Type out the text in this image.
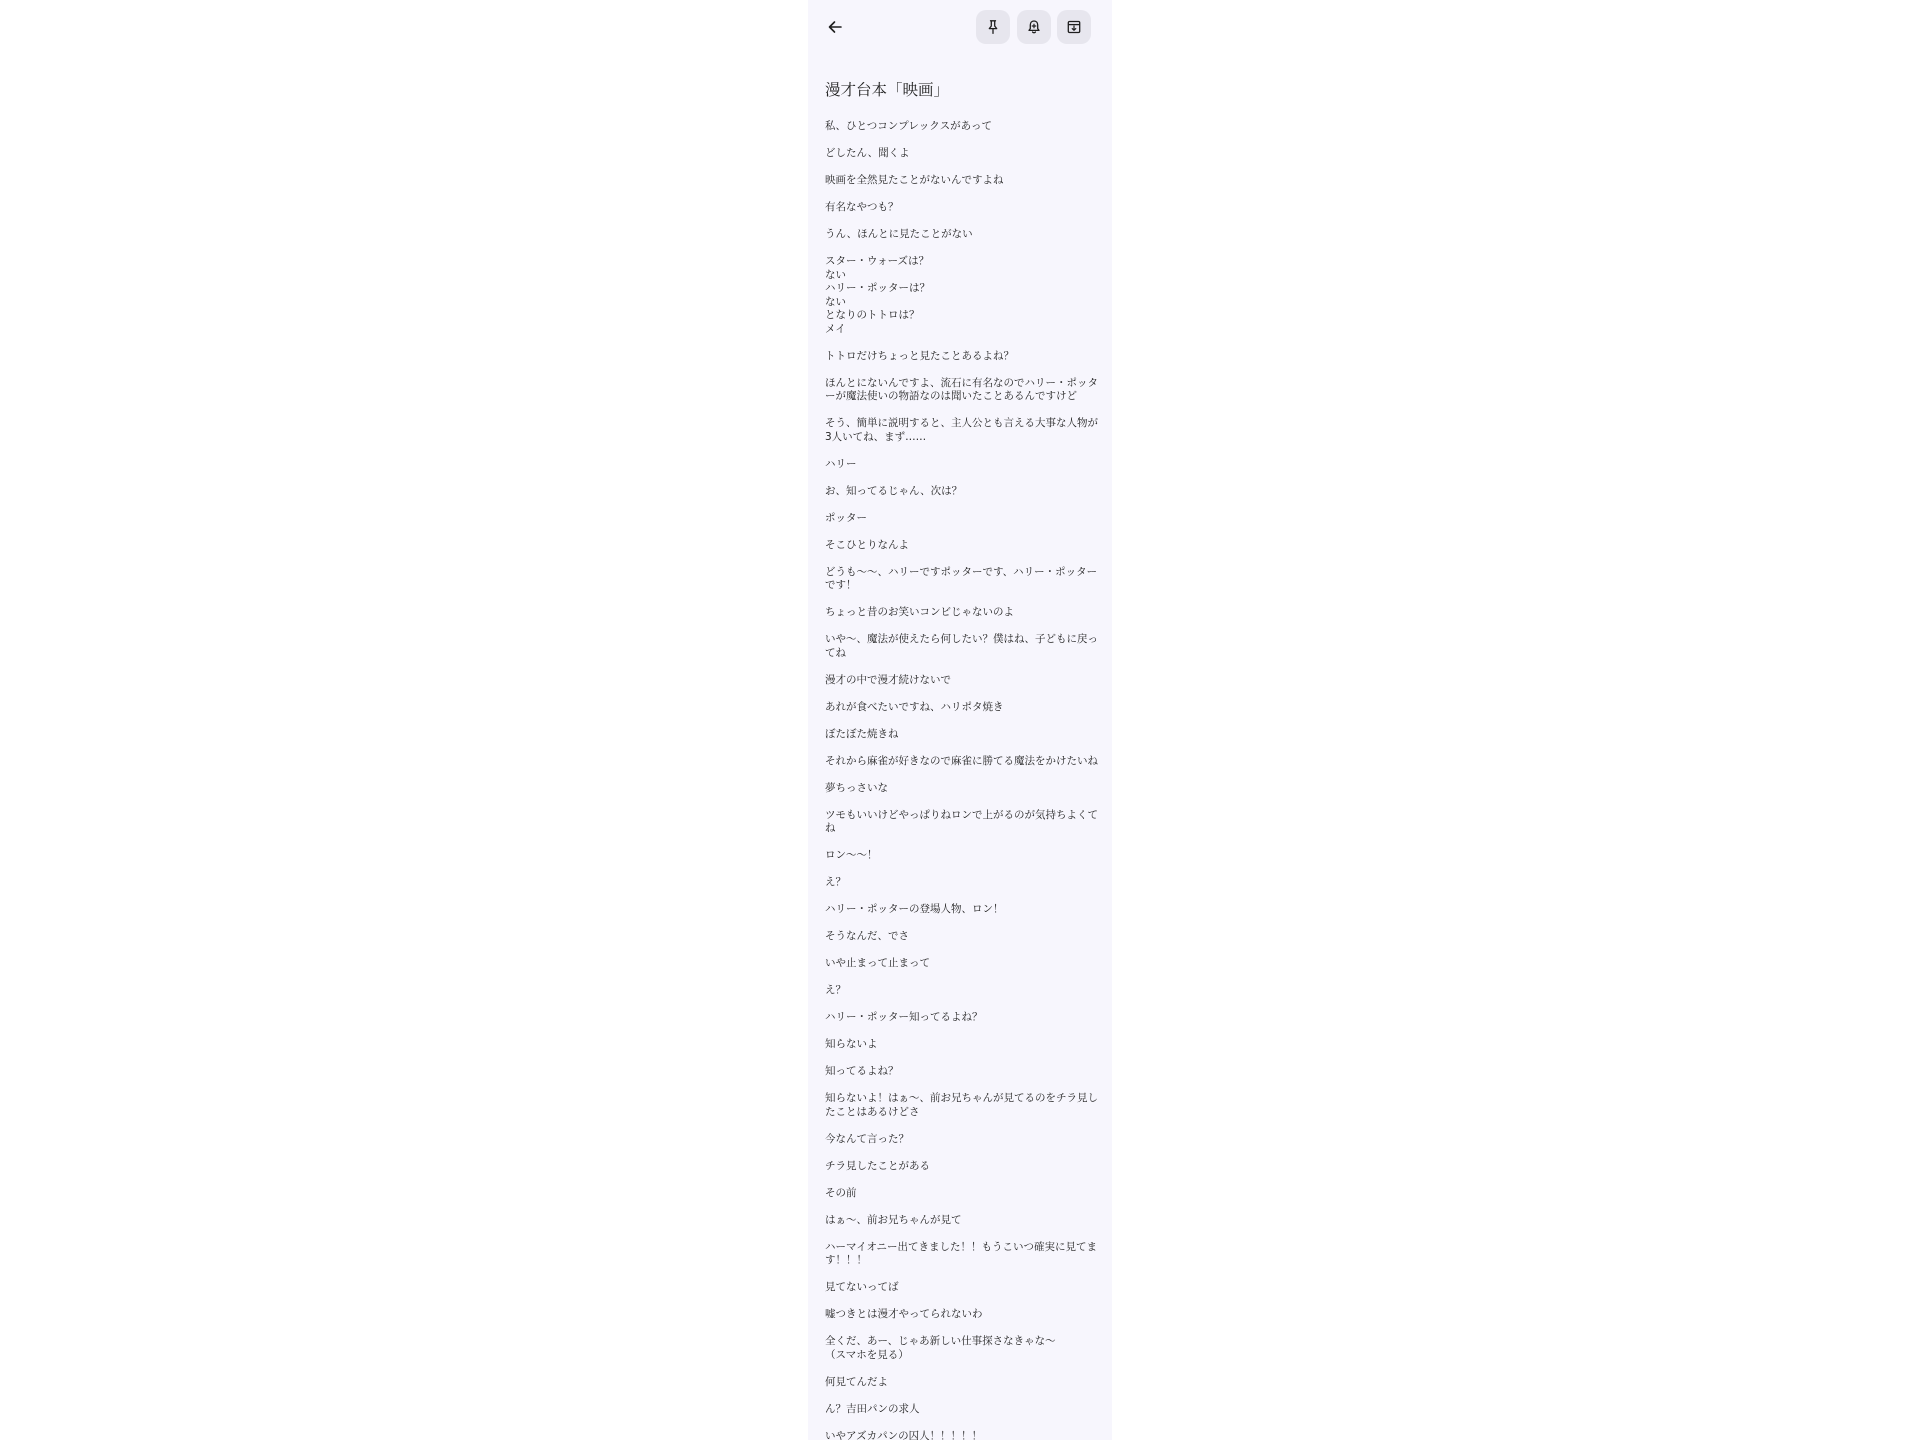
漫才台本「映画」

私、ひとつコンプレックスがあって

どしたん、聞くよ

映画を全然見たことがないんですよね

有名なやつも？

うん、ほんとに見たことがない

スター・ウォーズは？
ない
ハリー・ポッターは？
ない
となりのトトロは？
メイ

トトロだけちょっと見たことあるよね？

ほんとにないんですよ、流石に有名なのでハリー・ポッターが魔法使いの物語なのは聞いたことあるんですけど

そう、簡単に説明すると、主人公とも言える大事な人物が3人いてね、まず……

ハリー

お、知ってるじゃん、次は？

ポッター

そこひとりなんよ

どうも〜〜、ハリーですポッターです、ハリー・ポッターです！

ちょっと昔のお笑いコンビじゃないのよ

いや〜、魔法が使えたら何したい？僕はね、子どもに戻ってね

漫才の中で漫才続けないで

あれが食べたいですね、ハリポタ焼き

ぼたぼた焼きね

それから麻雀が好きなので麻雀に勝てる魔法をかけたいね

夢ちっさいな

ツモもいいけどやっぱりねロンで上がるのが気持ちよくてね

ロン〜〜！

え？

ハリー・ポッターの登場人物、ロン！

そうなんだ、でさ

いや止まって止まって

え？

ハリー・ポッター知ってるよね？

知らないよ

知ってるよね？

知らないよ！はぁ〜、前お兄ちゃんが見てるのをチラ見したことはあるけどさ

今なんて言った？

チラ見したことがある

その前

はぁ〜、前お兄ちゃんが見て

ハーマイオニー出てきました！！もうこいつ確実に見てます！！！

見てないってば

嘘つきとは漫才やってられないわ

全くだ、あー、じゃあ新しい仕事探さなきゃな〜
（スマホを見る）

何見てんだよ

ん？吉田パンの求人

いやアズカパンの囚人！！！！！
